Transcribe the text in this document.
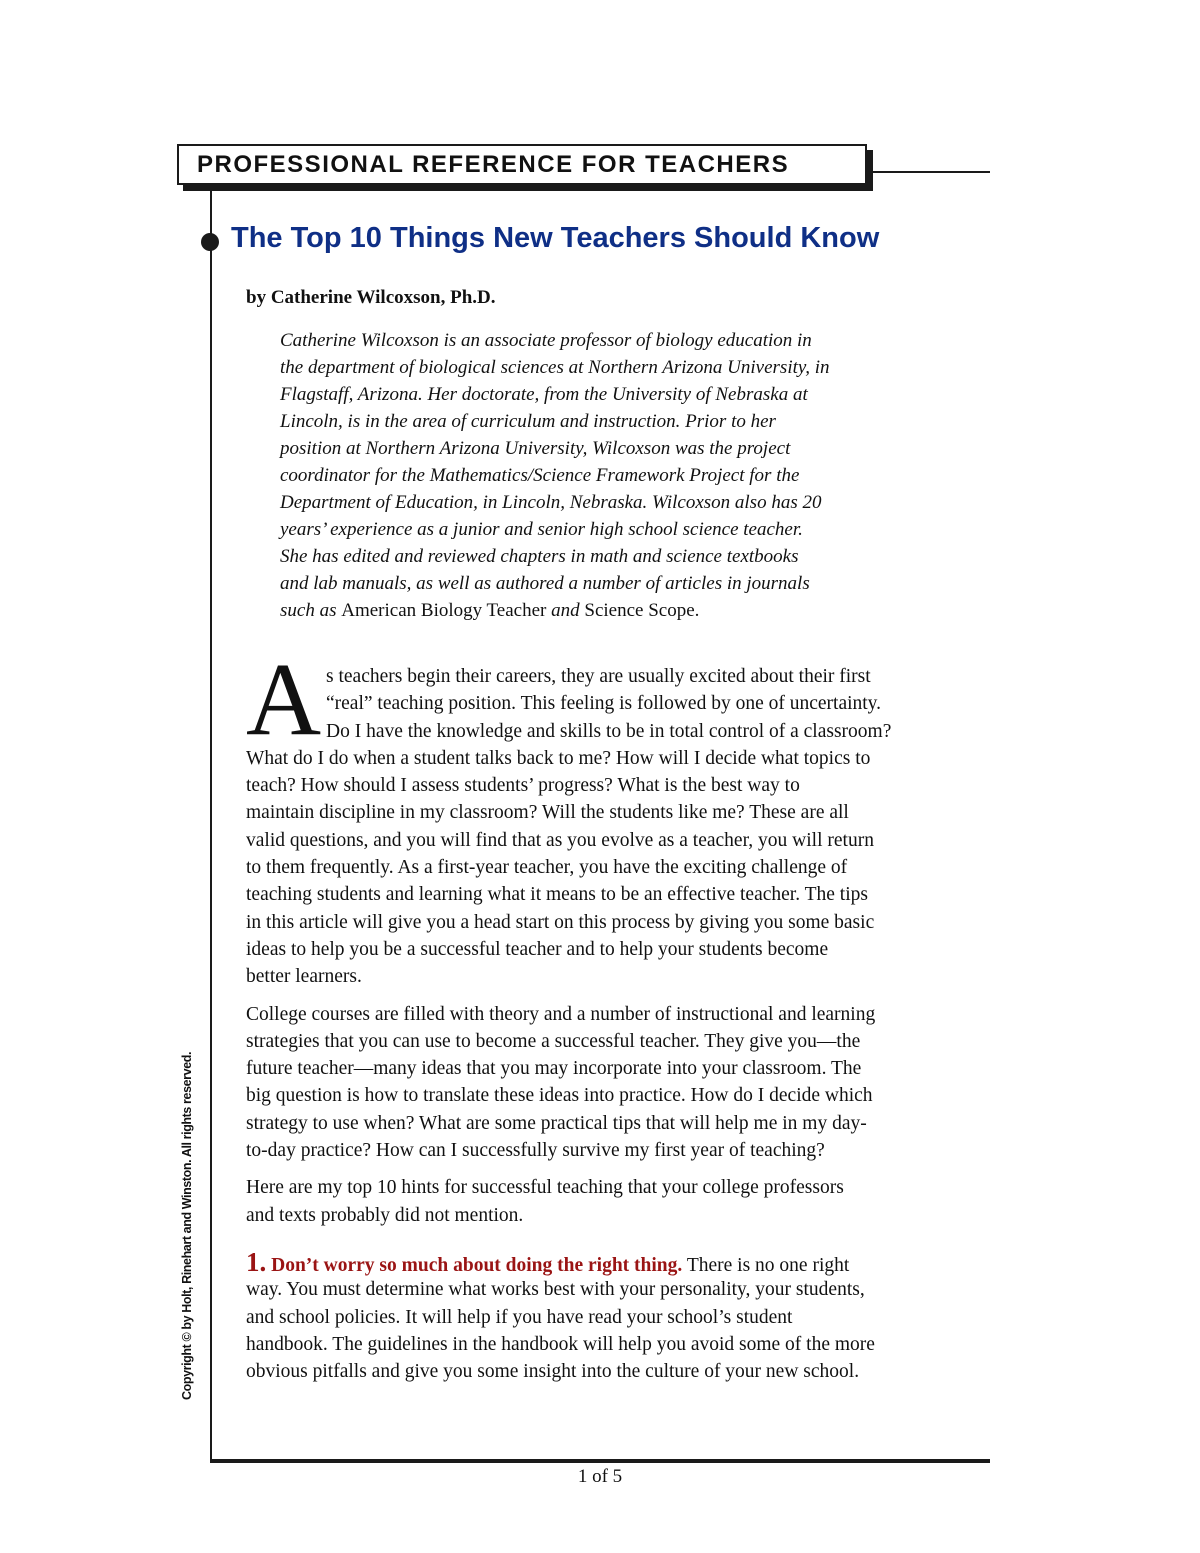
PROFESSIONAL REFERENCE FOR TEACHERS
The Top 10 Things New Teachers Should Know
by Catherine Wilcoxson, Ph.D.
Catherine Wilcoxson is an associate professor of biology education in
the department of biological sciences at Northern Arizona University, in
Flagstaff, Arizona. Her doctorate, from the University of Nebraska at
Lincoln, is in the area of curriculum and instruction. Prior to her
position at Northern Arizona University, Wilcoxson was the project
coordinator for the Mathematics/Science Framework Project for the
Department of Education, in Lincoln, Nebraska. Wilcoxson also has 20
years’ experience as a junior and senior high school science teacher.
She has edited and reviewed chapters in math and science textbooks
and lab manuals, as well as authored a number of articles in journals
such as American Biology Teacher and Science Scope.
A s teachers begin their careers, they are usually excited about their first
“real” teaching position. This feeling is followed by one of uncertainty.
Do I have the knowledge and skills to be in total control of a classroom?
What do I do when a student talks back to me? How will I decide what topics to
teach? How should I assess students’ progress? What is the best way to
maintain discipline in my classroom? Will the students like me? These are all
valid questions, and you will find that as you evolve as a teacher, you will return
to them frequently. As a first-year teacher, you have the exciting challenge of
teaching students and learning what it means to be an effective teacher. The tips
in this article will give you a head start on this process by giving you some basic
ideas to help you be a successful teacher and to help your students become
better learners.
College courses are filled with theory and a number of instructional and learning
strategies that you can use to become a successful teacher. They give you—the
future teacher—many ideas that you may incorporate into your classroom. The
big question is how to translate these ideas into practice. How do I decide which
strategy to use when? What are some practical tips that will help me in my day-
to-day practice? How can I successfully survive my first year of teaching?
Here are my top 10 hints for successful teaching that your college professors
and texts probably did not mention.
1. Don’t worry so much about doing the right thing. There is no one right
way. You must determine what works best with your personality, your students,
and school policies. It will help if you have read your school’s student
handbook. The guidelines in the handbook will help you avoid some of the more
obvious pitfalls and give you some insight into the culture of your new school.
Copyright © by Holt, Rinehart and Winston. All rights reserved.
1 of 5
